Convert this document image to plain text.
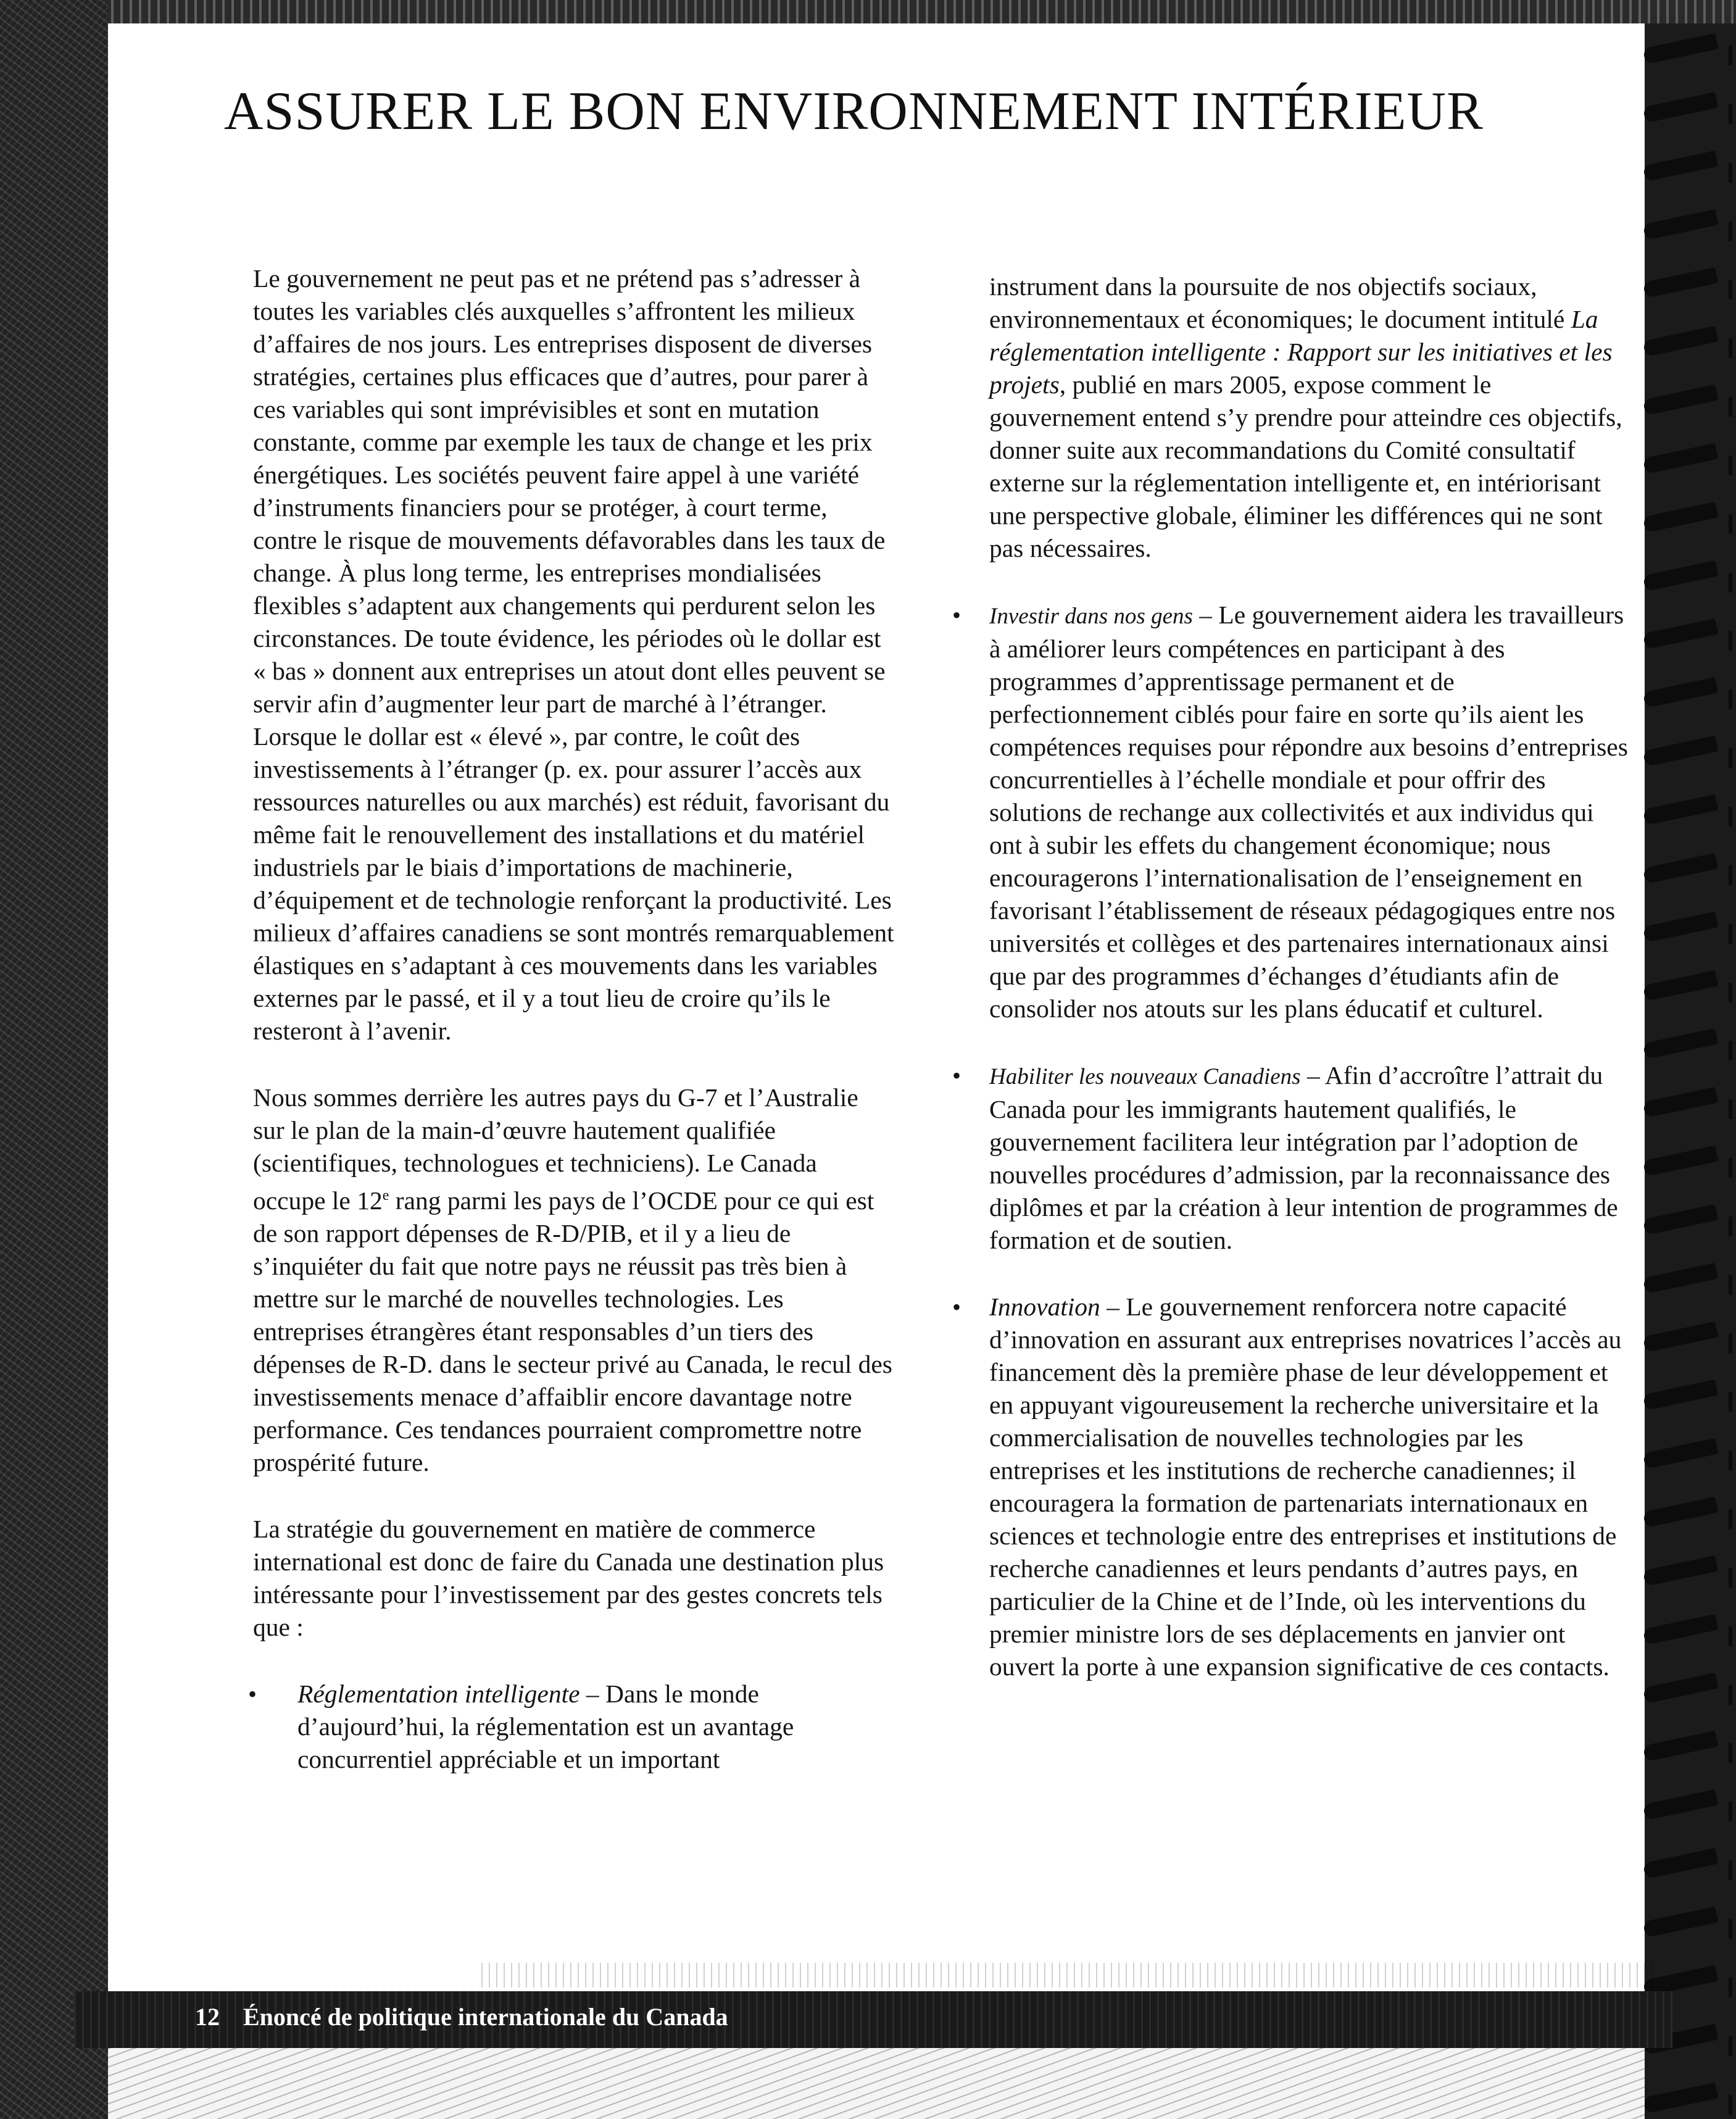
ASSURER LE BON ENVIRONNEMENT INTÉRIEUR

Le gouvernement ne peut pas et ne prétend pas s’adresser à toutes les variables clés auxquelles s’affrontent les milieux d’affaires de nos jours. Les entreprises disposent de diverses stratégies, certaines plus efficaces que d’autres, pour parer à ces variables qui sont imprévisibles et sont en mutation constante, comme par exemple les taux de change et les prix énergétiques. Les sociétés peuvent faire appel à une variété d’instruments financiers pour se protéger, à court terme, contre le risque de mouvements défavorables dans les taux de change. À plus long terme, les entreprises mondialisées flexibles s’adaptent aux changements qui perdurent selon les circonstances. De toute évidence, les périodes où le dollar est « bas » donnent aux entreprises un atout dont elles peuvent se servir afin d’augmenter leur part de marché à l’étranger. Lorsque le dollar est « élevé », par contre, le coût des investissements à l’étranger (p. ex. pour assurer l’accès aux ressources naturelles ou aux marchés) est réduit, favorisant du même fait le renouvellement des installations et du matériel industriels par le biais d’importations de machinerie, d’équipement et de technologie renforçant la productivité. Les milieux d’affaires canadiens se sont montrés remarquablement élastiques en s’adaptant à ces mouvements dans les variables externes par le passé, et il y a tout lieu de croire qu’ils le resteront à l’avenir.

Nous sommes derrière les autres pays du G-7 et l’Australie sur le plan de la main-d’œuvre hautement qualifiée (scientifiques, technologues et techniciens). Le Canada occupe le 12e rang parmi les pays de l’OCDE pour ce qui est de son rapport dépenses de R-D/PIB, et il y a lieu de s’inquiéter du fait que notre pays ne réussit pas très bien à mettre sur le marché de nouvelles technologies. Les entreprises étrangères étant responsables d’un tiers des dépenses de R-D. dans le secteur privé au Canada, le recul des investissements menace d’affaiblir encore davantage notre performance. Ces tendances pourraient compromettre notre prospérité future.

La stratégie du gouvernement en matière de commerce international est donc de faire du Canada une destination plus intéressante pour l’investissement par des gestes concrets tels que :

• Réglementation intelligente – Dans le monde d’aujourd’hui, la réglementation est un avantage concurrentiel appréciable et un important

instrument dans la poursuite de nos objectifs sociaux, environnementaux et économiques; le document intitulé La réglementation intelligente : Rapport sur les initiatives et les projets, publié en mars 2005, expose comment le gouvernement entend s’y prendre pour atteindre ces objectifs, donner suite aux recommandations du Comité consultatif externe sur la réglementation intelligente et, en intériorisant une perspective globale, éliminer les différences qui ne sont pas nécessaires.

• Investir dans nos gens – Le gouvernement aidera les travailleurs à améliorer leurs compétences en participant à des programmes d’apprentissage permanent et de perfectionnement ciblés pour faire en sorte qu’ils aient les compétences requises pour répondre aux besoins d’entreprises concurrentielles à l’échelle mondiale et pour offrir des solutions de rechange aux collectivités et aux individus qui ont à subir les effets du changement économique; nous encouragerons l’internationalisation de l’enseignement en favorisant l’établissement de réseaux pédagogiques entre nos universités et collèges et des partenaires internationaux ainsi que par des programmes d’échanges d’étudiants afin de consolider nos atouts sur les plans éducatif et culturel.
• Habiliter les nouveaux Canadiens – Afin d’accroître l’attrait du Canada pour les immigrants hautement qualifiés, le gouvernement facilitera leur intégration par l’adoption de nouvelles procédures d’admission, par la reconnaissance des diplômes et par la création à leur intention de programmes de formation et de soutien.
• Innovation – Le gouvernement renforcera notre capacité d’innovation en assurant aux entreprises novatrices l’accès au financement dès la première phase de leur développement et en appuyant vigoureusement la recherche universitaire et la commercialisation de nouvelles technologies par les entreprises et les institutions de recherche canadiennes; il encouragera la formation de partenariats internationaux en sciences et technologie entre des entreprises et institutions de recherche canadiennes et leurs pendants d’autres pays, en particulier de la Chine et de l’Inde, où les interventions du premier ministre lors de ses déplacements en janvier ont ouvert la porte à une expansion significative de ces contacts.
12 Énoncé de politique internationale du Canada
